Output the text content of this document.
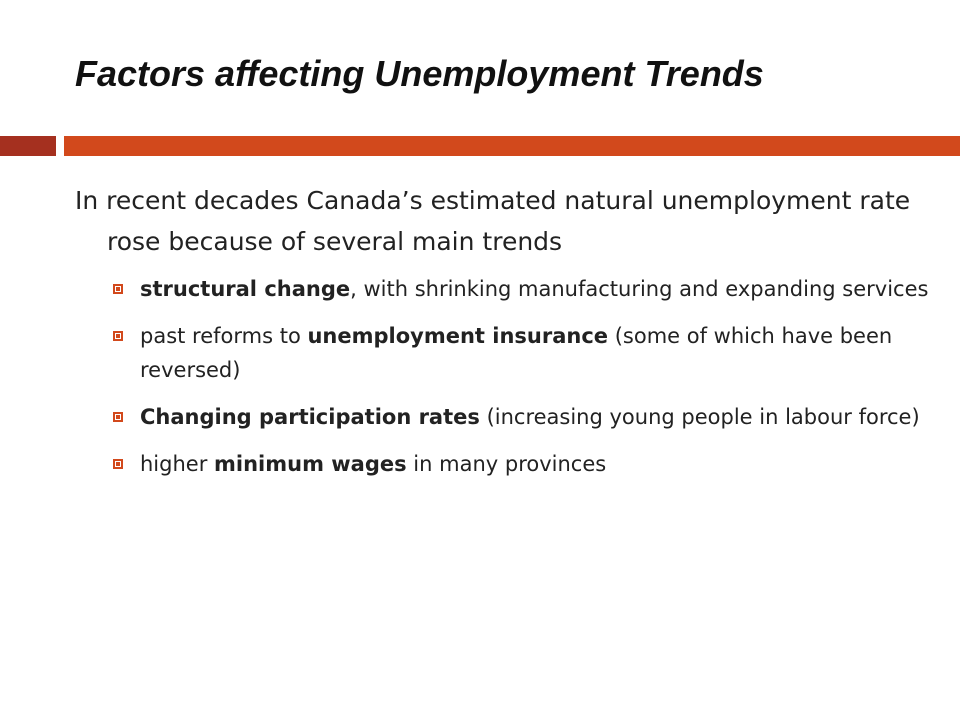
Factors affecting Unemployment Trends

In recent decades Canada’s estimated natural unemployment rate rose because of several main trends

structural change, with shrinking manufacturing and expanding services
past reforms to unemployment insurance (some of which have been reversed)
Changing participation rates (increasing young people in labour force)
higher minimum wages in many provinces
